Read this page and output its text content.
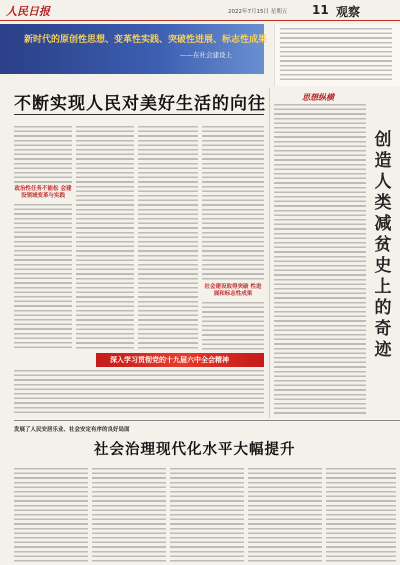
人民日报	2022年7月15日 星期五 11 观察
新时代的原创性思想、变革性实践、突破性进展、标志性成果
——在社会建设上
不断实现人民对美好生活的向往
政治性任务不能松 会建设领域变革与实践
社会建设取得突破 性进展和标志性成果
思想纵横
创造人类减贫史上的奇迹
深入学习贯彻党的十九届六中全会精神
发展了人民安居乐业、社会安定有序的良好局面
社会治理现代化水平大幅提升
